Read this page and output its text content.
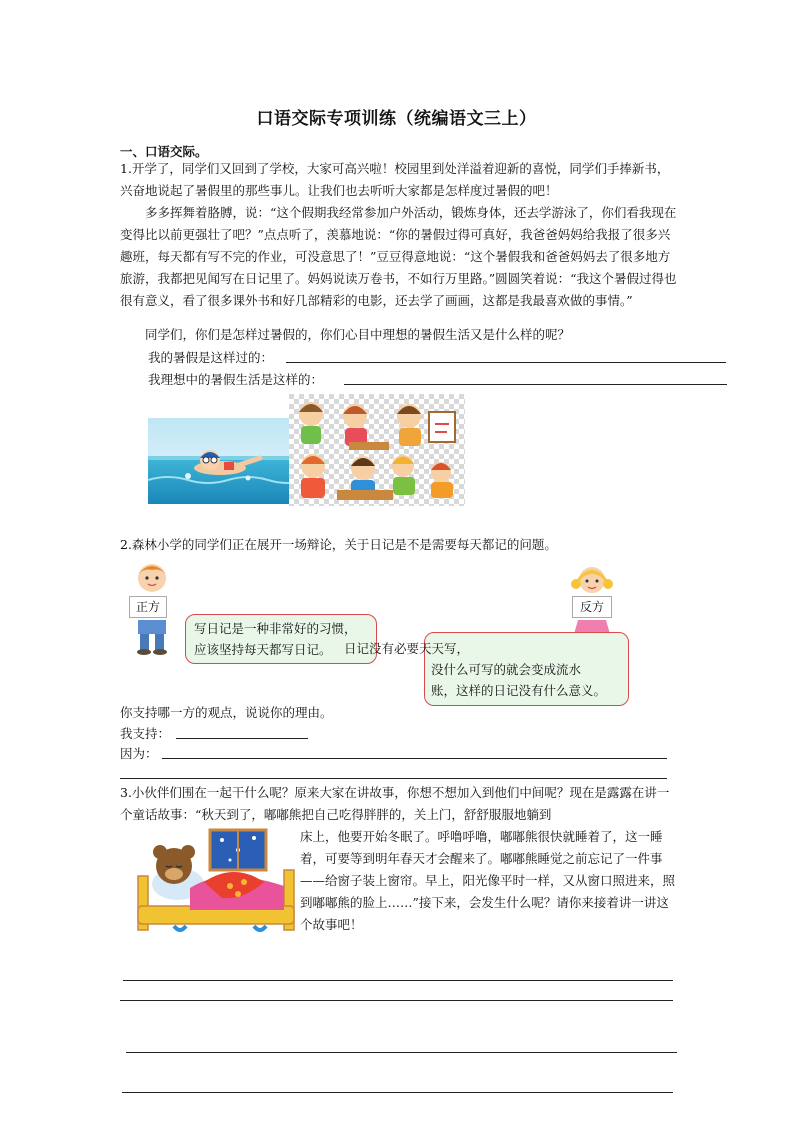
口语交际专项训练（统编语文三上）
一、口语交际。
1.开学了，同学们又回到了学校，大家可高兴啦！校园里到处洋溢着迎新的喜悦，同学们手捧新书，兴奋地说起了暑假里的那些事儿。让我们也去听听大家都是怎样度过暑假的吧！
多多挥舞着胳膊，说：“这个假期我经常参加户外活动，锻炼身体，还去学游泳了，你们看我现在变得比以前更强壮了吧？”点点听了，羡慕地说：“你的暑假过得可真好，我爸爸妈妈给我报了很多兴趣班，每天都有写不完的作业，可没意思了！”豆豆得意地说：“这个暑假我和爸爸妈妈去了很多地方旅游，我都把见闻写在日记里了。妈妈说读万卷书，不如行万里路。”圆圆笑着说：“我这个暑假过得也很有意义，看了很多课外书和好几部精彩的电影，还去学了画画，这都是我最喜欢做的事情。”
同学们，你们是怎样过暑假的，你们心目中理想的暑假生活又是什么样的呢？
我的暑假是这样过的：
我理想中的暑假生活是这样的：
2.森林小学的同学们正在展开一场辩论，关于日记是不是需要每天都记的问题。
正方	反方
没什么可写的就会变成流水
账，这样的日记没有什么意义。
写日记是一种非常好的习惯，
应该坚持每天都写日记。 日记没有必要天天写，
你支持哪一方的观点，说说你的理由。
我支持：
因为：
3.小伙伴们围在一起干什么呢？原来大家在讲故事，你想不想加入到他们中间呢？现在是露露在讲一个童话故事：“秋天到了，嘟嘟熊把自己吃得胖胖的，关上门，舒舒服服地躺到
床上，他要开始冬眠了。呼噜呼噜，嘟嘟熊很快就睡着了，这一睡着，可要等到明年春天才会醒来了。嘟嘟熊睡觉之前忘记了一件事——给窗子装上窗帘。早上，阳光像平时一样，又从窗口照进来，照到嘟嘟熊的脸上……”接下来，会发生什么呢？请你来接着讲一讲这个故事吧！
